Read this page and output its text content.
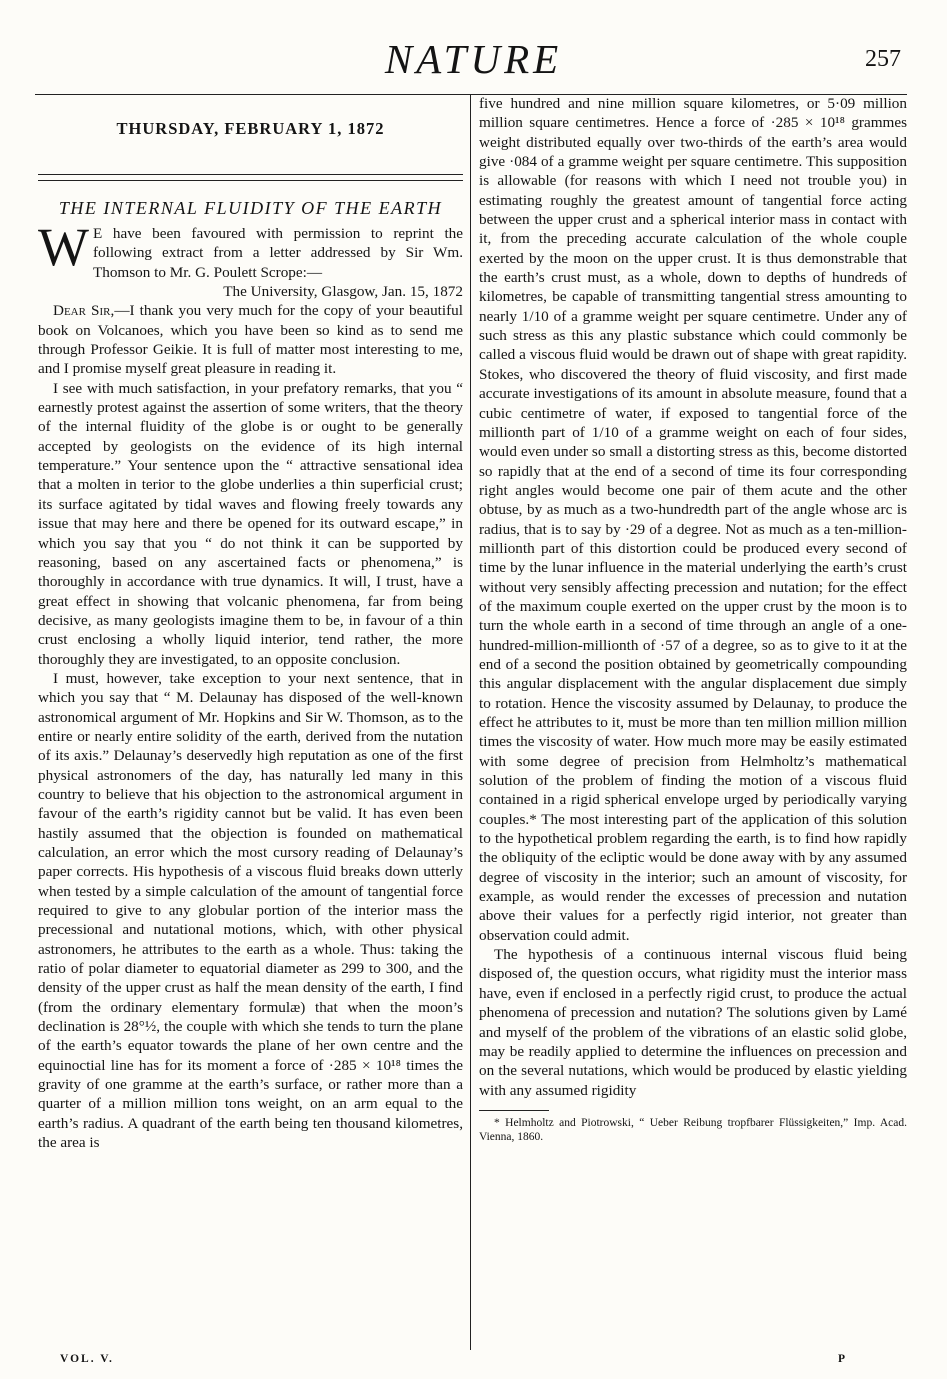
NATURE	257
THURSDAY, FEBRUARY 1, 1872
THE INTERNAL FLUIDITY OF THE EARTH

W E have been favoured with permission to reprint the following extract from a letter addressed by Sir Wm. Thomson to Mr. G. Poulett Scrope:—

The University, Glasgow, Jan. 15, 1872

Dear Sir,—I thank you very much for the copy of your beautiful book on Volcanoes, which you have been so kind as to send me through Professor Geikie. It is full of matter most interesting to me, and I promise myself great pleasure in reading it.

I see with much satisfaction, in your prefatory remarks, that you “ earnestly protest against the assertion of some writers, that the theory of the internal fluidity of the globe is or ought to be generally accepted by geologists on the evidence of its high internal temperature.” Your sentence upon the “ attractive sensational idea that a molten in terior to the globe underlies a thin superficial crust; its surface agitated by tidal waves and flowing freely towards any issue that may here and there be opened for its outward escape,” in which you say that you “ do not think it can be supported by reasoning, based on any ascertained facts or phenomena,” is thoroughly in accordance with true dynamics. It will, I trust, have a great effect in showing that volcanic phenomena, far from being decisive, as many geologists imagine them to be, in favour of a thin crust enclosing a wholly liquid interior, tend rather, the more thoroughly they are investigated, to an opposite conclusion.

I must, however, take exception to your next sentence, that in which you say that “ M. Delaunay has disposed of the well-known astronomical argument of Mr. Hopkins and Sir W. Thomson, as to the entire or nearly entire solidity of the earth, derived from the nutation of its axis.” Delaunay’s deservedly high reputation as one of the first physical astronomers of the day, has naturally led many in this country to believe that his objection to the astronomical argument in favour of the earth’s rigidity cannot but be valid. It has even been hastily assumed that the objection is founded on mathematical calculation, an error which the most cursory reading of Delaunay’s paper corrects. His hypothesis of a viscous fluid breaks down utterly when tested by a simple calculation of the amount of tangential force required to give to any globular portion of the interior mass the precessional and nutational motions, which, with other physical astronomers, he attributes to the earth as a whole. Thus: taking the ratio of polar diameter to equatorial diameter as 299 to 300, and the density of the upper crust as half the mean density of the earth, I find (from the ordinary elementary formulæ) that when the moon’s declination is 28°½, the couple with which she tends to turn the plane of the earth’s equator towards the plane of her own centre and the equinoctial line has for its moment a force of ·285 × 10¹⁸ times the gravity of one gramme at the earth’s surface, or rather more than a quarter of a million million tons weight, on an arm equal to the earth’s radius. A quadrant of the earth being ten thousand kilometres, the area is

five hundred and nine million square kilometres, or 5·09 million million square centimetres. Hence a force of ·285 × 10¹⁸ grammes weight distributed equally over two-thirds of the earth’s area would give ·084 of a gramme weight per square centimetre. This supposition is allowable (for reasons with which I need not trouble you) in estimating roughly the greatest amount of tangential force acting between the upper crust and a spherical interior mass in contact with it, from the preceding accurate calculation of the whole couple exerted by the moon on the upper crust. It is thus demonstrable that the earth’s crust must, as a whole, down to depths of hundreds of kilometres, be capable of transmitting tangential stress amounting to nearly 1/10 of a gramme weight per square centimetre. Under any of such stress as this any plastic substance which could commonly be called a viscous fluid would be drawn out of shape with great rapidity. Stokes, who discovered the theory of fluid viscosity, and first made accurate investigations of its amount in absolute measure, found that a cubic centimetre of water, if exposed to tangential force of the millionth part of 1/10 of a gramme weight on each of four sides, would even under so small a distorting stress as this, become distorted so rapidly that at the end of a second of time its four corresponding right angles would become one pair of them acute and the other obtuse, by as much as a two-hundredth part of the angle whose arc is radius, that is to say by ·29 of a degree. Not as much as a ten-million-millionth part of this distortion could be produced every second of time by the lunar influence in the material underlying the earth’s crust without very sensibly affecting precession and nutation; for the effect of the maximum couple exerted on the upper crust by the moon is to turn the whole earth in a second of time through an angle of a one-hundred-million-millionth of ·57 of a degree, so as to give to it at the end of a second the position obtained by geometrically compounding this angular displacement with the angular displacement due simply to rotation. Hence the viscosity assumed by Delaunay, to produce the effect he attributes to it, must be more than ten million million million times the viscosity of water. How much more may be easily estimated with some degree of precision from Helmholtz’s mathematical solution of the problem of finding the motion of a viscous fluid contained in a rigid spherical envelope urged by periodically varying couples.* The most interesting part of the application of this solution to the hypothetical problem regarding the earth, is to find how rapidly the obliquity of the ecliptic would be done away with by any assumed degree of viscosity in the interior; such an amount of viscosity, for example, as would render the excesses of precession and nutation above their values for a perfectly rigid interior, not greater than observation could admit.

The hypothesis of a continuous internal viscous fluid being disposed of, the question occurs, what rigidity must the interior mass have, even if enclosed in a perfectly rigid crust, to produce the actual phenomena of precession and nutation? The solutions given by Lamé and myself of the problem of the vibrations of an elastic solid globe, may be readily applied to determine the influences on precession and on the several nutations, which would be produced by elastic yielding with any assumed rigidity

* Helmholtz and Piotrowski, “ Ueber Reibung tropfbarer Flüssigkeiten,” Imp. Acad. Vienna, 1860.

VOL. V.	P
